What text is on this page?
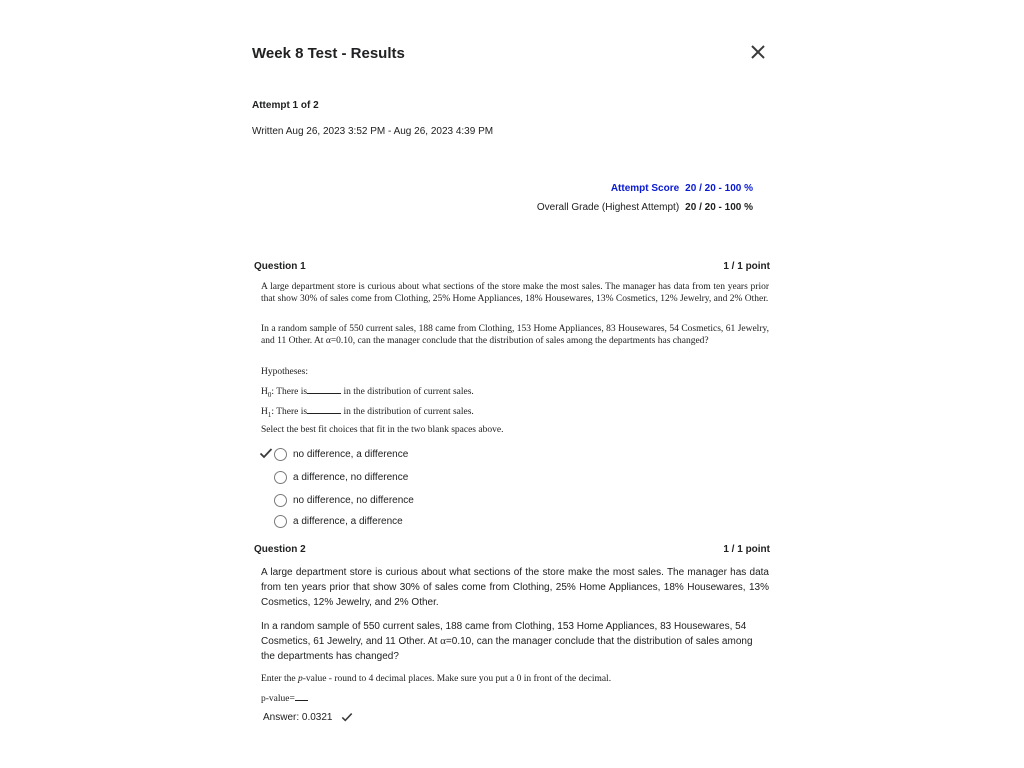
Week 8 Test - Results
Attempt 1 of 2
Written Aug 26, 2023 3:52 PM - Aug 26, 2023 4:39 PM
Attempt Score 20 / 20 - 100 %
Overall Grade (Highest Attempt) 20 / 20 - 100 %
Question 1	1 / 1 point

A large department store is curious about what sections of the store make the most sales. The manager has data from ten years prior that show 30% of sales come from Clothing, 25% Home Appliances, 18% Housewares, 13% Cosmetics, 12% Jewelry, and 2% Other.

In a random sample of 550 current sales, 188 came from Clothing, 153 Home Appliances, 83 Housewares, 54 Cosmetics, 61 Jewelry, and 11 Other. At α=0.10, can the manager conclude that the distribution of sales among the departments has changed?

Hypotheses:

$H_0$: There is	in the distribution of current sales.

$H_1$: There is	in the distribution of current sales.

Select the best fit choices that fit in the two blank spaces above.

no difference, a difference
a difference, no difference
no difference, no difference
a difference, a difference
Question 2	1 / 1 point

A large department store is curious about what sections of the store make the most sales. The manager has data from ten years prior that show 30% of sales come from Clothing, 25% Home Appliances, 18% Housewares, 13% Cosmetics, 12% Jewelry, and 2% Other.

In a random sample of 550 current sales, 188 came from Clothing, 153 Home Appliances, 83 Housewares, 54 Cosmetics, 61 Jewelry, and 11 Other. At α=0.10, can the manager conclude that the distribution of sales among the departments has changed?

Enter the p-value - round to 4 decimal places. Make sure you put a 0 in front of the decimal.

p-value=

Answer:
0.0321
